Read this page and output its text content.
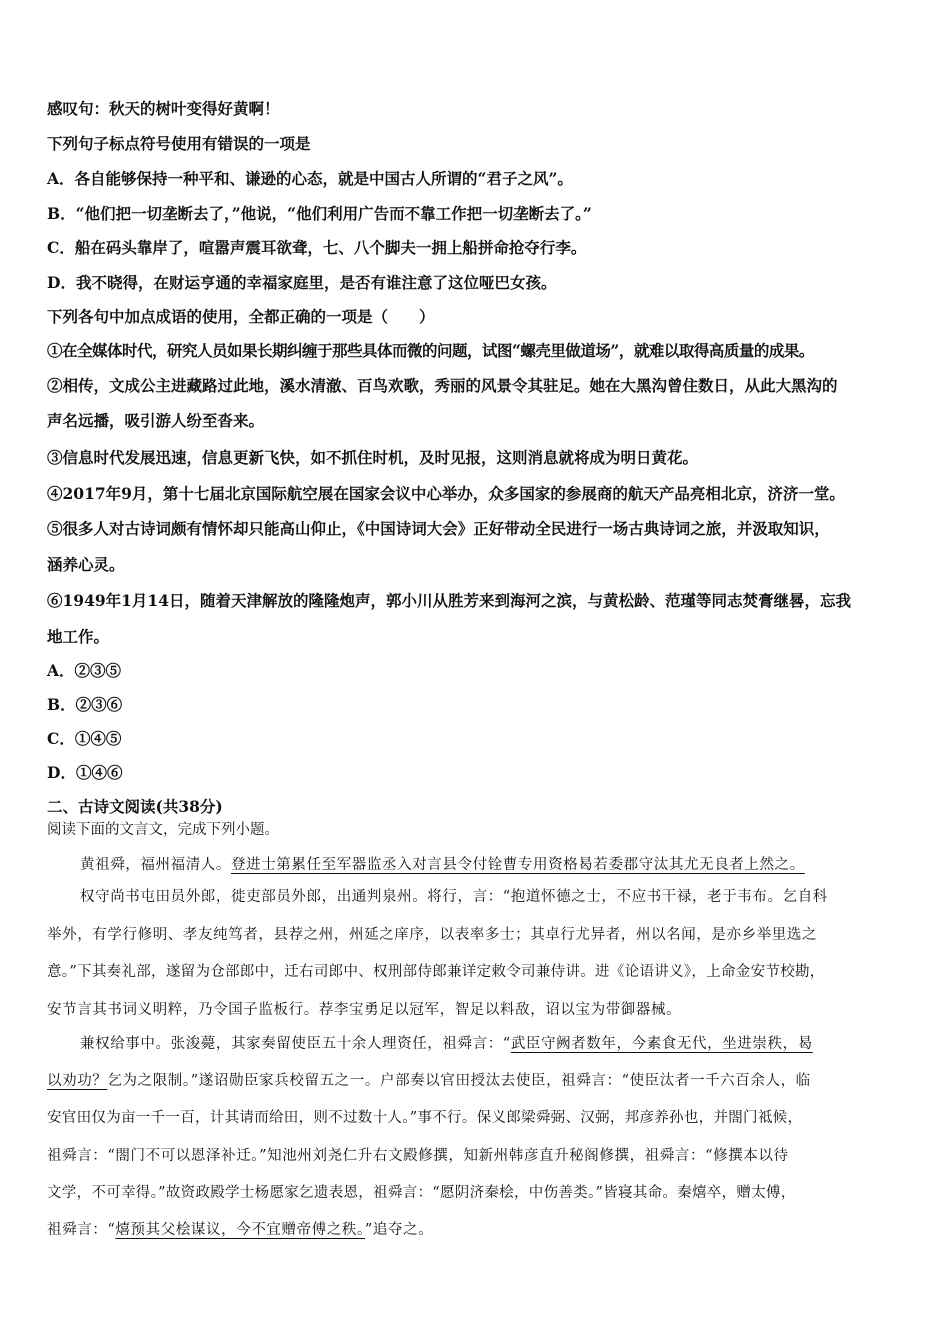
感叹句：秋天的树叶变得好黄啊！
下列句子标点符号使用有错误的一项是
A．各自能够保持一种平和、谦逊的心态，就是中国古人所谓的“君子之风”。
B．“他们把一切垄断去了，”他说，“他们利用广告而不靠工作把一切垄断去了。”
C．船在码头靠岸了，喧嚣声震耳欲聋，七、八个脚夫一拥上船拼命抢夺行李。
D．我不晓得，在财运亨通的幸福家庭里，是否有谁注意了这位哑巴女孩。
下列各句中加点成语的使用，全都正确的一项是（　　）
①在全媒体时代，研究人员如果长期纠缠于那些具体而微的问题，试图“螺壳里做道场”，就难以取得高质量的成果。
②相传，文成公主进藏路过此地，溪水清澈、百鸟欢歌，秀丽的风景令其驻足。她在大黑沟曾住数日，从此大黑沟的
声名远播，吸引游人纷至沓来。
③信息时代发展迅速，信息更新飞快，如不抓住时机，及时见报，这则消息就将成为明日黄花。
④2017年9月，第十七届北京国际航空展在国家会议中心举办，众多国家的参展商的航天产品亮相北京，济济一堂。
⑤很多人对古诗词颇有情怀却只能高山仰止，《中国诗词大会》正好带动全民进行一场古典诗词之旅，并汲取知识，
涵养心灵。
⑥1949年1月14日，随着天津解放的隆隆炮声，郭小川从胜芳来到海河之滨，与黄松龄、范瑾等同志焚膏继晷，忘我
地工作。
A．②③⑤
B．②③⑥
C．①④⑤
D．①④⑥
二、古诗文阅读(共38分)
阅读下面的文言文，完成下列小题。
黄祖舜，福州福清人。登进士第累任至军器监丞入对言县令付铨曹专用资格曷若委郡守汰其尤无良者上然之。
权守尚书屯田员外郎，徙吏部员外郎，出通判泉州。将行，言：“抱道怀德之士，不应书干禄，老于韦布。乞自科
举外，有学行修明、孝友纯笃者，县荐之州，州延之庠序，以表率多士；其卓行尤异者，州以名闻，是亦乡举里选之
意。”下其奏礼部，遂留为仓部郎中，迁右司郎中、权刑部侍郎兼详定敕令司兼侍讲。进《论语讲义》，上命金安节校勘，
安节言其书词义明粹，乃令国子监板行。荐李宝勇足以冠军，智足以料敌，诏以宝为带御器械。
兼权给事中。张浚薨，其家奏留使臣五十余人理资任，祖舜言：“武臣守阙者数年，今素食无代，坐进崇秩，曷
以劝功？乞为之限制。”遂诏勋臣家兵校留五之一。户部奏以官田授汰去使臣，祖舜言：“使臣汰者一千六百余人，临
安官田仅为亩一千一百，计其请而给田，则不过数十人。”事不行。保义郎梁舜弼、汉弼，邦彦养孙也，并閤门祗候，
祖舜言：“閤门不可以恩泽补迁。”知池州刘尧仁升右文殿修撰，知新州韩彦直升秘阁修撰，祖舜言：“修撰本以待
文学，不可幸得。”故资政殿学士杨愿家乞遗表恩，祖舜言：“愿阴济秦桧，中伤善类。”皆寝其命。秦熺卒，赠太傅，
祖舜言：“熺预其父桧谋议，今不宜赠帝傅之秩。”追夺之。
